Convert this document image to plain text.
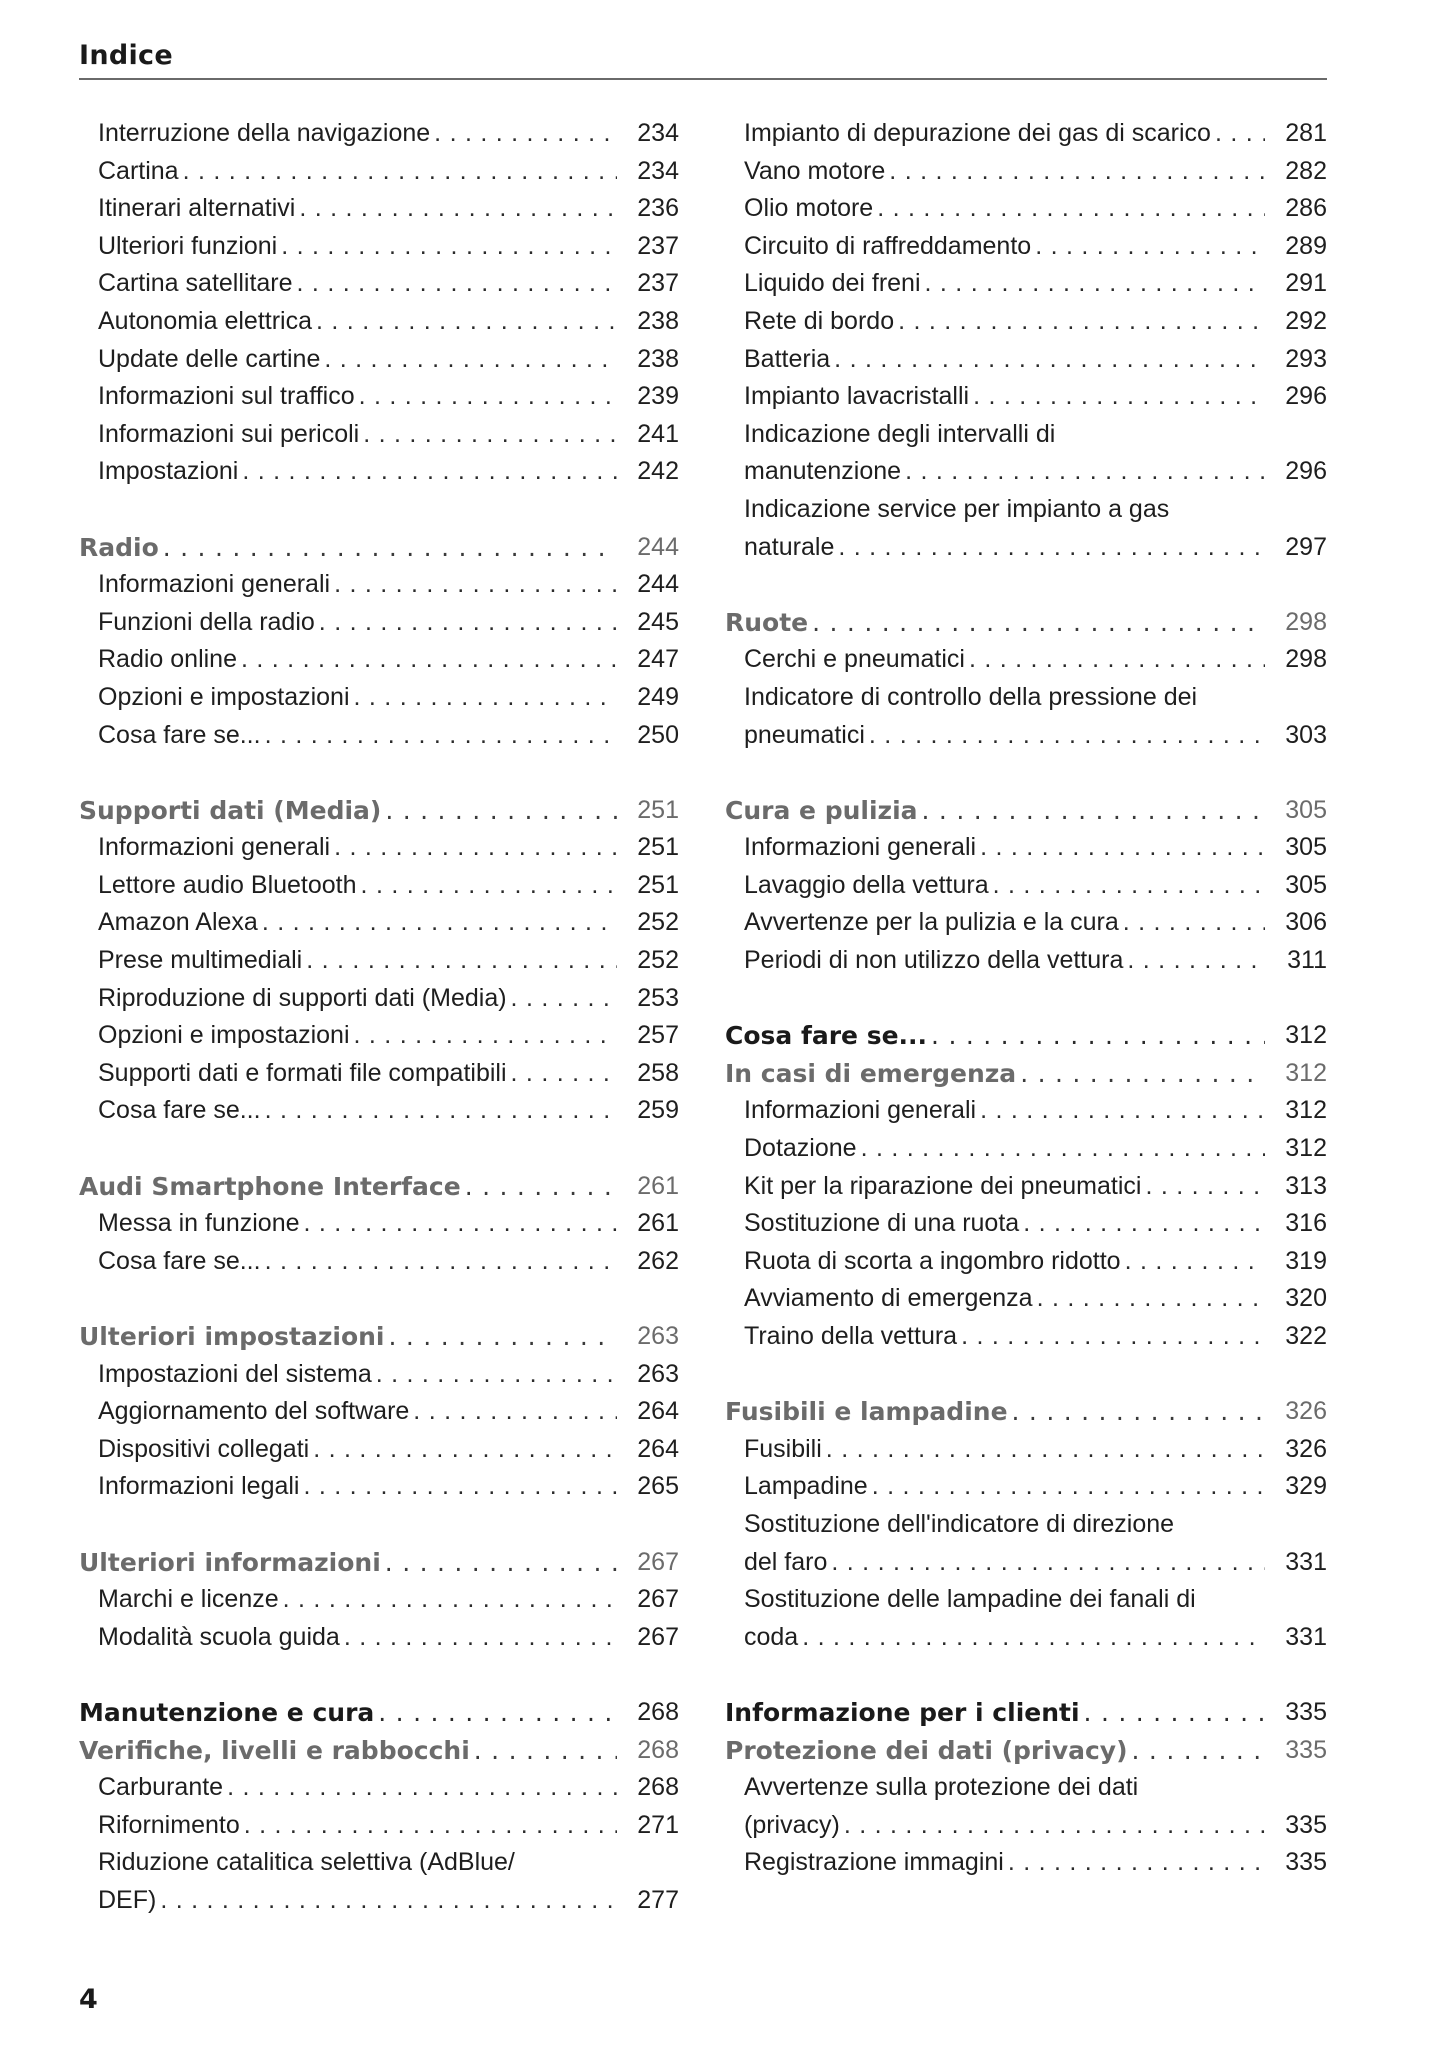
Indice
Interruzione della navigazione . . .	234
Cartina . . .	234
Itinerari alternativi . . .	236
Ulteriori funzioni . . .	237
Cartina satellitare . . .	237
Autonomia elettrica . . .	238
Update delle cartine . . .	238
Informazioni sul traffico . . .	239
Informazioni sui pericoli . . .	241
Impostazioni . . .	242
Radio . . .	244
Informazioni generali . . .	244
Funzioni della radio . . .	245
Radio online . . .	247
Opzioni e impostazioni . . .	249
Cosa fare se... . . .	250
Supporti dati (Media) . . .	251
Informazioni generali . . .	251
Lettore audio Bluetooth . . .	251
Amazon Alexa . . .	252
Prese multimediali . . .	252
Riproduzione di supporti dati (Media) . . .	253
Opzioni e impostazioni . . .	257
Supporti dati e formati file compatibili . . .	258
Cosa fare se... . . .	259
Audi Smartphone Interface . . .	261
Messa in funzione . . .	261
Cosa fare se... . . .	262
Ulteriori impostazioni . . .	263
Impostazioni del sistema . . .	263
Aggiornamento del software . . .	264
Dispositivi collegati . . .	264
Informazioni legali . . .	265
Ulteriori informazioni . . .	267
Marchi e licenze . . .	267
Modalità scuola guida . . .	267
Manutenzione e cura . . .	268
Verifiche, livelli e rabbocchi . . .	268
Carburante . . .	268
Rifornimento . . .	271
Riduzione catalitica selettiva (AdBlue/
DEF) . . .	277
Impianto di depurazione dei gas di scarico . . .	281
Vano motore . . .	282
Olio motore . . .	286
Circuito di raffreddamento . . .	289
Liquido dei freni . . .	291
Rete di bordo . . .	292
Batteria . . .	293
Impianto lavacristalli . . .	296
Indicazione degli intervalli di
manutenzione . . .	296
Indicazione service per impianto a gas
naturale . . .	297
Ruote . . .	298
Cerchi e pneumatici . . .	298
Indicatore di controllo della pressione dei
pneumatici . . .	303
Cura e pulizia . . .	305
Informazioni generali . . .	305
Lavaggio della vettura . . .	305
Avvertenze per la pulizia e la cura . . .	306
Periodi di non utilizzo della vettura . . .	311
Cosa fare se... . . .	312
In casi di emergenza . . .	312
Informazioni generali . . .	312
Dotazione . . .	312
Kit per la riparazione dei pneumatici . . .	313
Sostituzione di una ruota . . .	316
Ruota di scorta a ingombro ridotto . . .	319
Avviamento di emergenza . . .	320
Traino della vettura . . .	322
Fusibili e lampadine . . .	326
Fusibili . . .	326
Lampadine . . .	329
Sostituzione dell'indicatore di direzione
del faro . . .	331
Sostituzione delle lampadine dei fanali di
coda . . .	331
Informazione per i clienti . . .	335
Protezione dei dati (privacy) . . .	335
Avvertenze sulla protezione dei dati
(privacy) . . .	335
Registrazione immagini . . .	335
4
